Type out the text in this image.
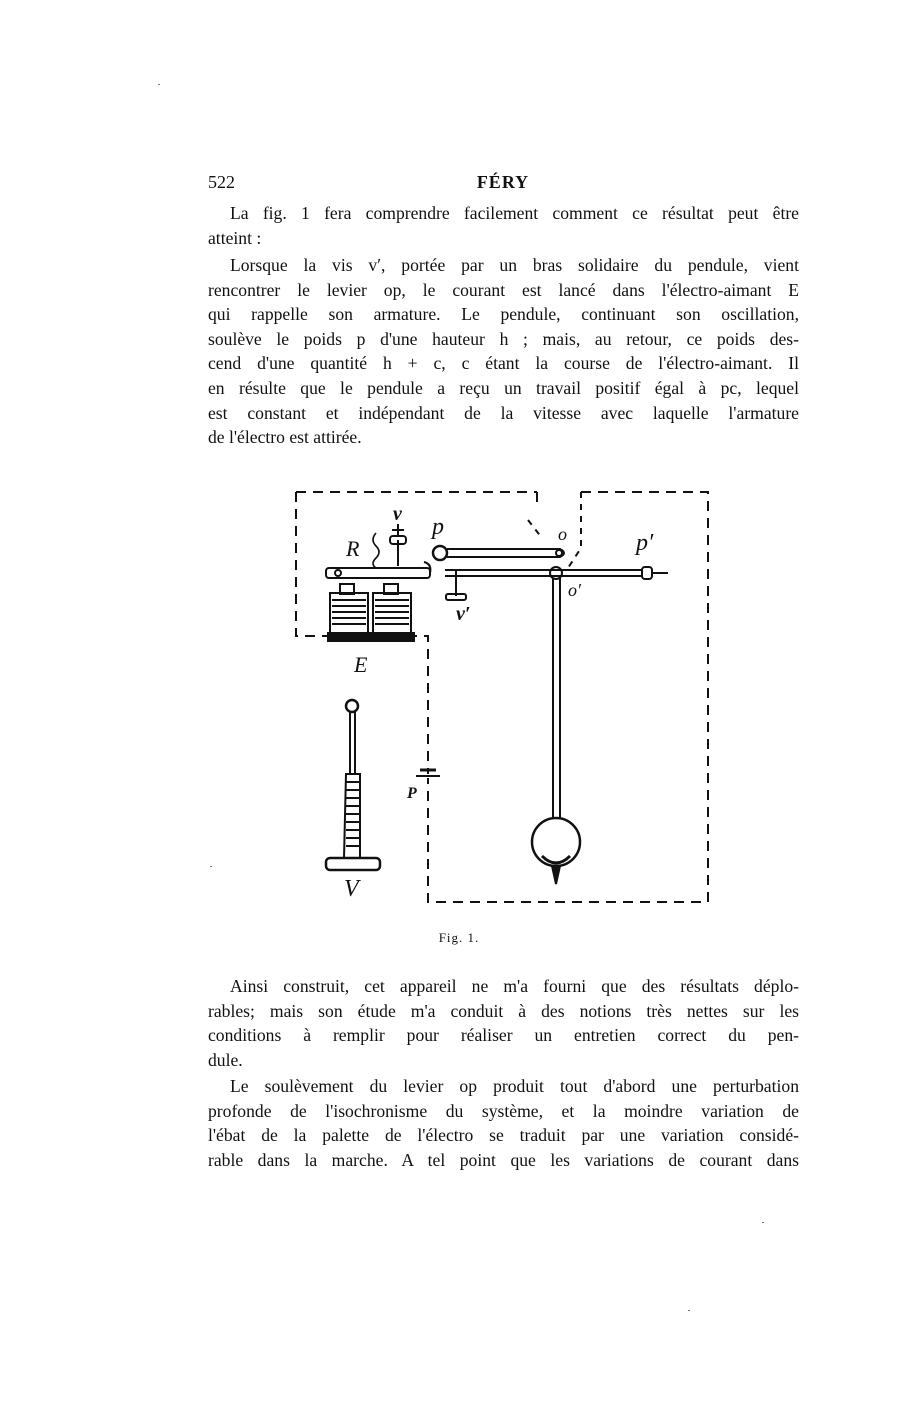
522	FÉRY
La fig. 1 fera comprendre facilement comment ce résultat peut être
atteint :
Lorsque la vis v′, portée par un bras solidaire du pendule, vient
rencontrer le levier op, le courant est lancé dans l'électro-aimant E
qui rappelle son armature. Le pendule, continuant son oscillation,
soulève le poids p d'une hauteur h ; mais, au retour, ce poids des-
cend d'une quantité h + c, c étant la course de l'électro-aimant. Il
en résulte que le pendule a reçu un travail positif égal à pc, lequel
est constant et indépendant de la vitesse avec laquelle l'armature
de l'électro est attirée.
v p
R
o	p′
o′
v′
E
P
V
Fig. 1.
Ainsi construit, cet appareil ne m'a fourni que des résultats déplo-
rables; mais son étude m'a conduit à des notions très nettes sur les
conditions à remplir pour réaliser un entretien correct du pen-
dule.
Le soulèvement du levier op produit tout d'abord une perturbation
profonde de l'isochronisme du système, et la moindre variation de
l'ébat de la palette de l'électro se traduit par une variation considé-
rable dans la marche. A tel point que les variations de courant dans
